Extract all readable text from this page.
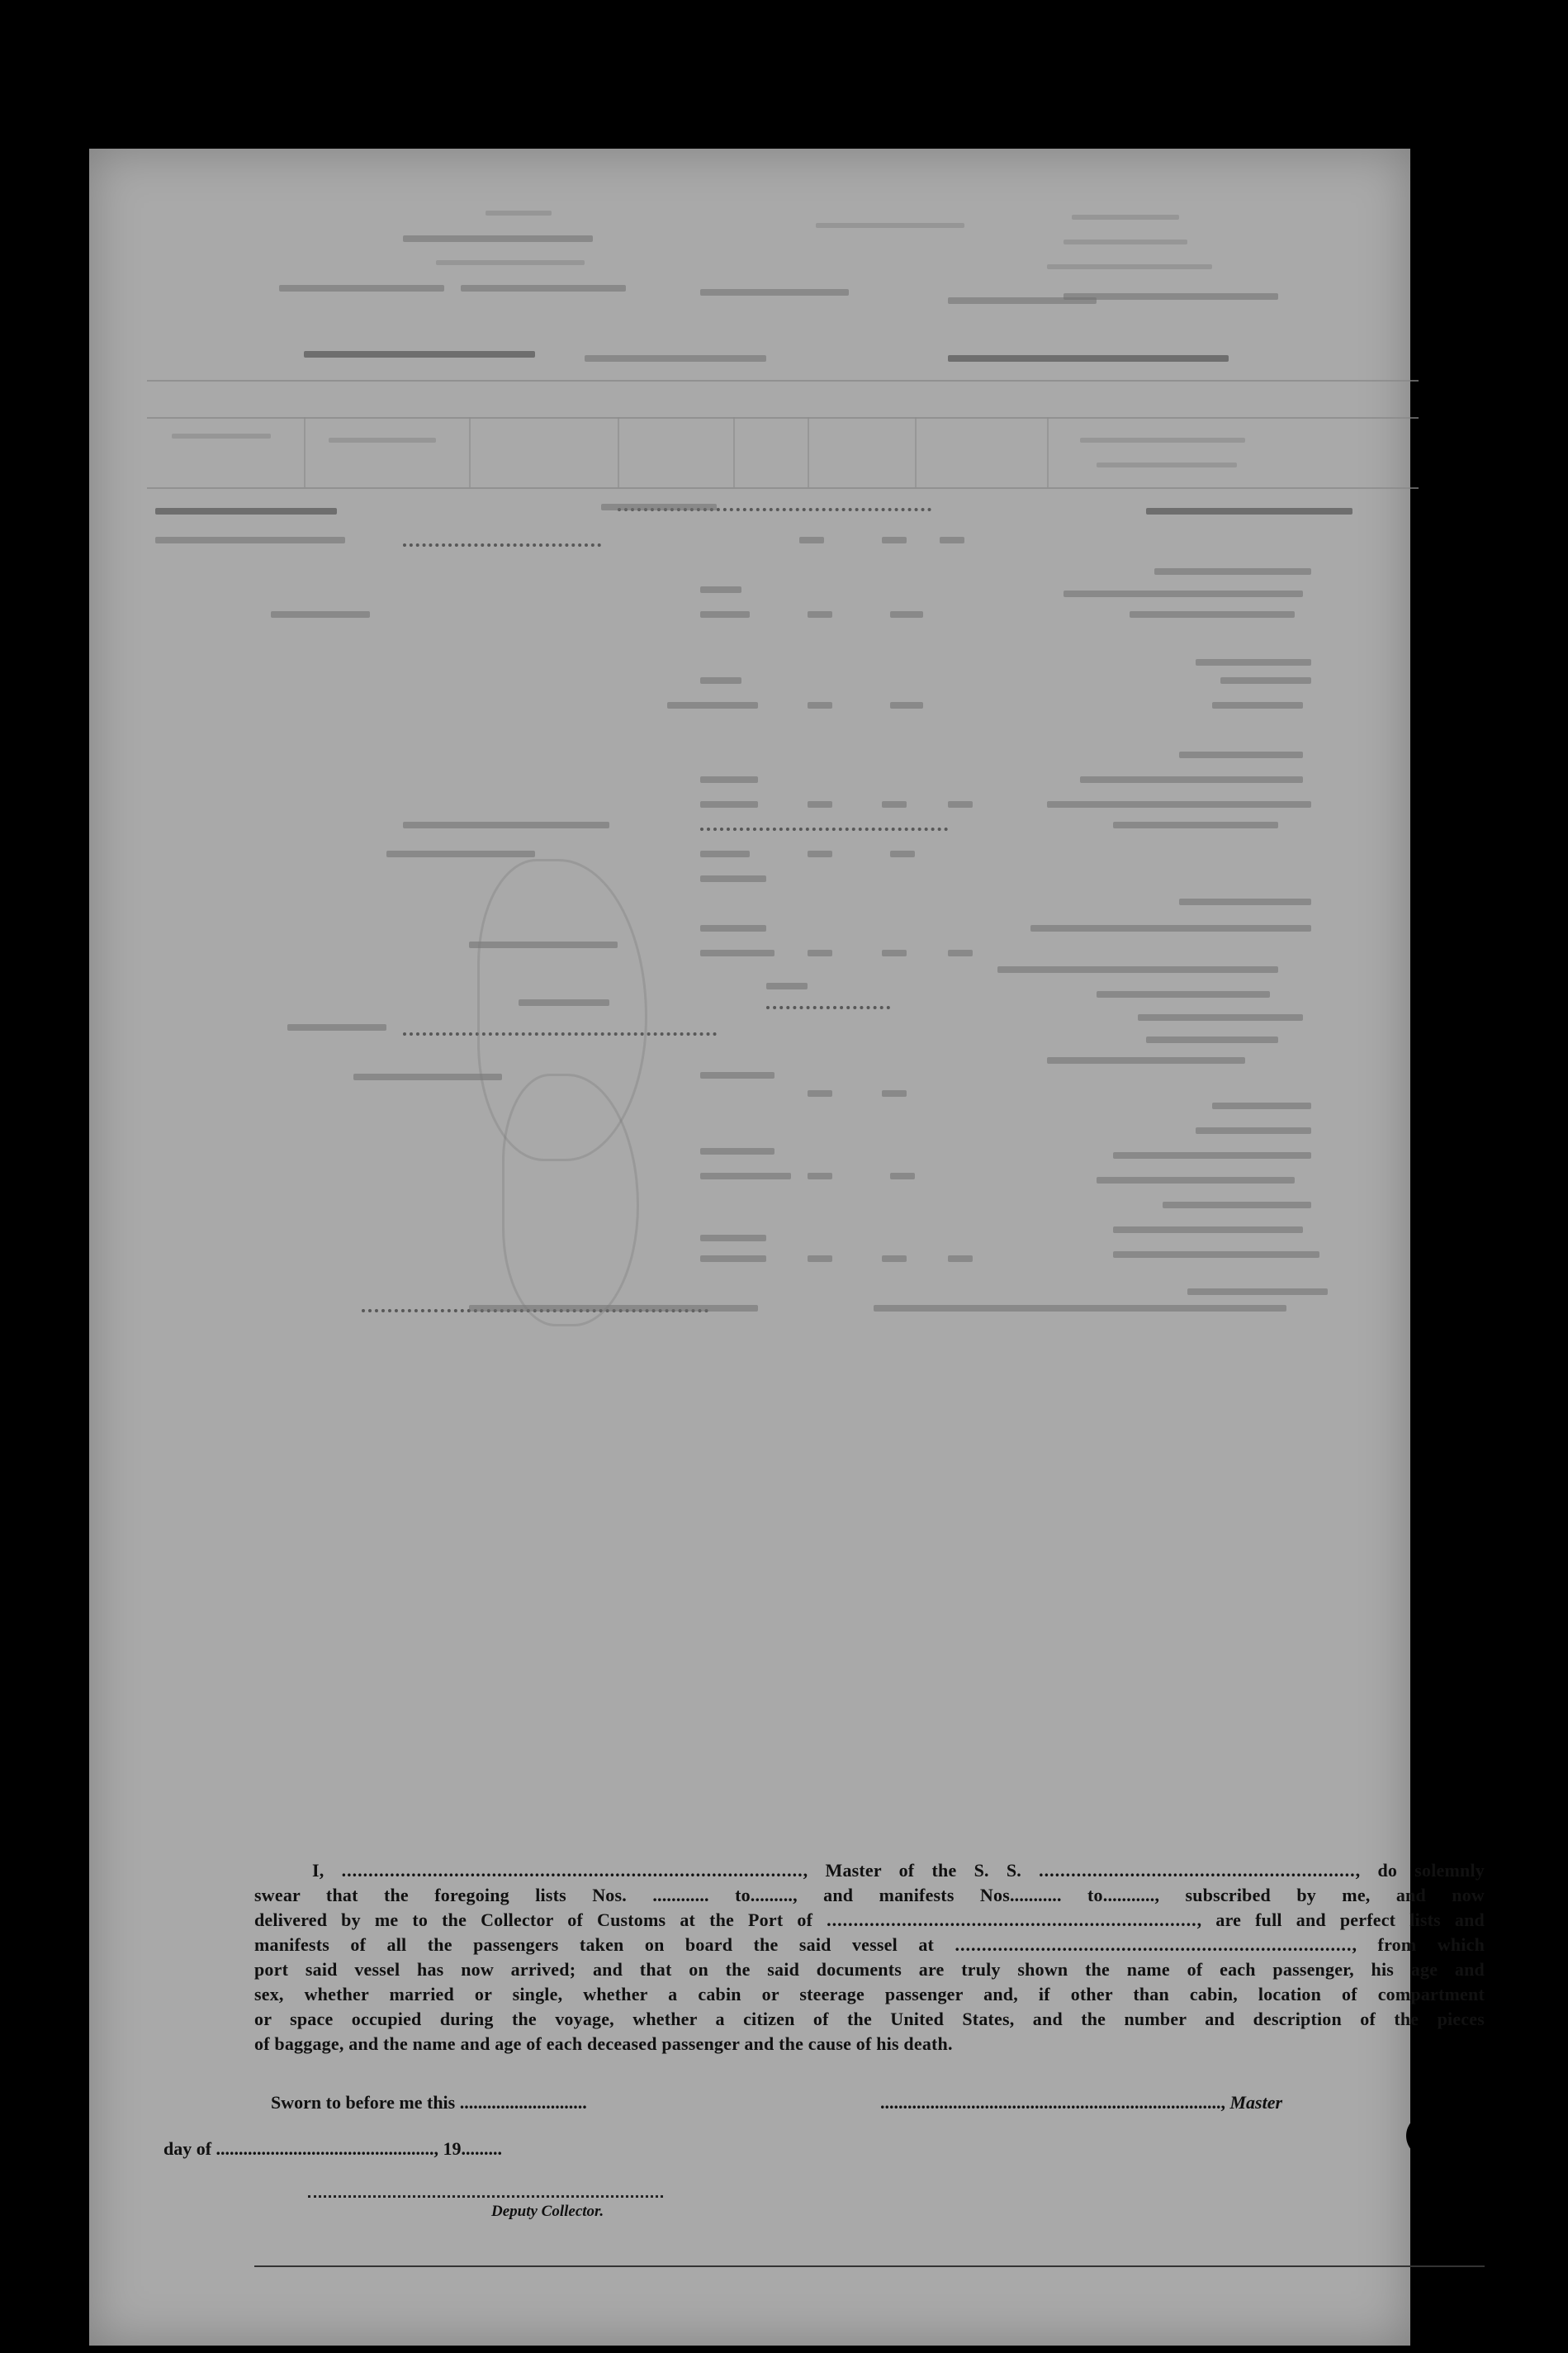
I, ......................................................................................, Master of the S. S. ..........................................................., do solemnly
swear that the foregoing lists Nos. ............ to........., and manifests Nos........... to..........., subscribed by me, and now
delivered by me to the Collector of Customs at the Port of ....................................................................., are full and perfect lists and
manifests of all the passengers taken on board the said vessel at .........................................................................., from which
port said vessel has now arrived; and that on the said documents are truly shown the name of each passenger, his age and
sex, whether married or single, whether a cabin or steerage passenger and, if other than cabin, location of compartment
or space occupied during the voyage, whether a citizen of the United States, and the number and description of the pieces
of baggage, and the name and age of each deceased passenger and the cause of his death.
Sworn to before me this ............................	..........................................................................., Master
day of ................................................, 19.........
Deputy Collector.
